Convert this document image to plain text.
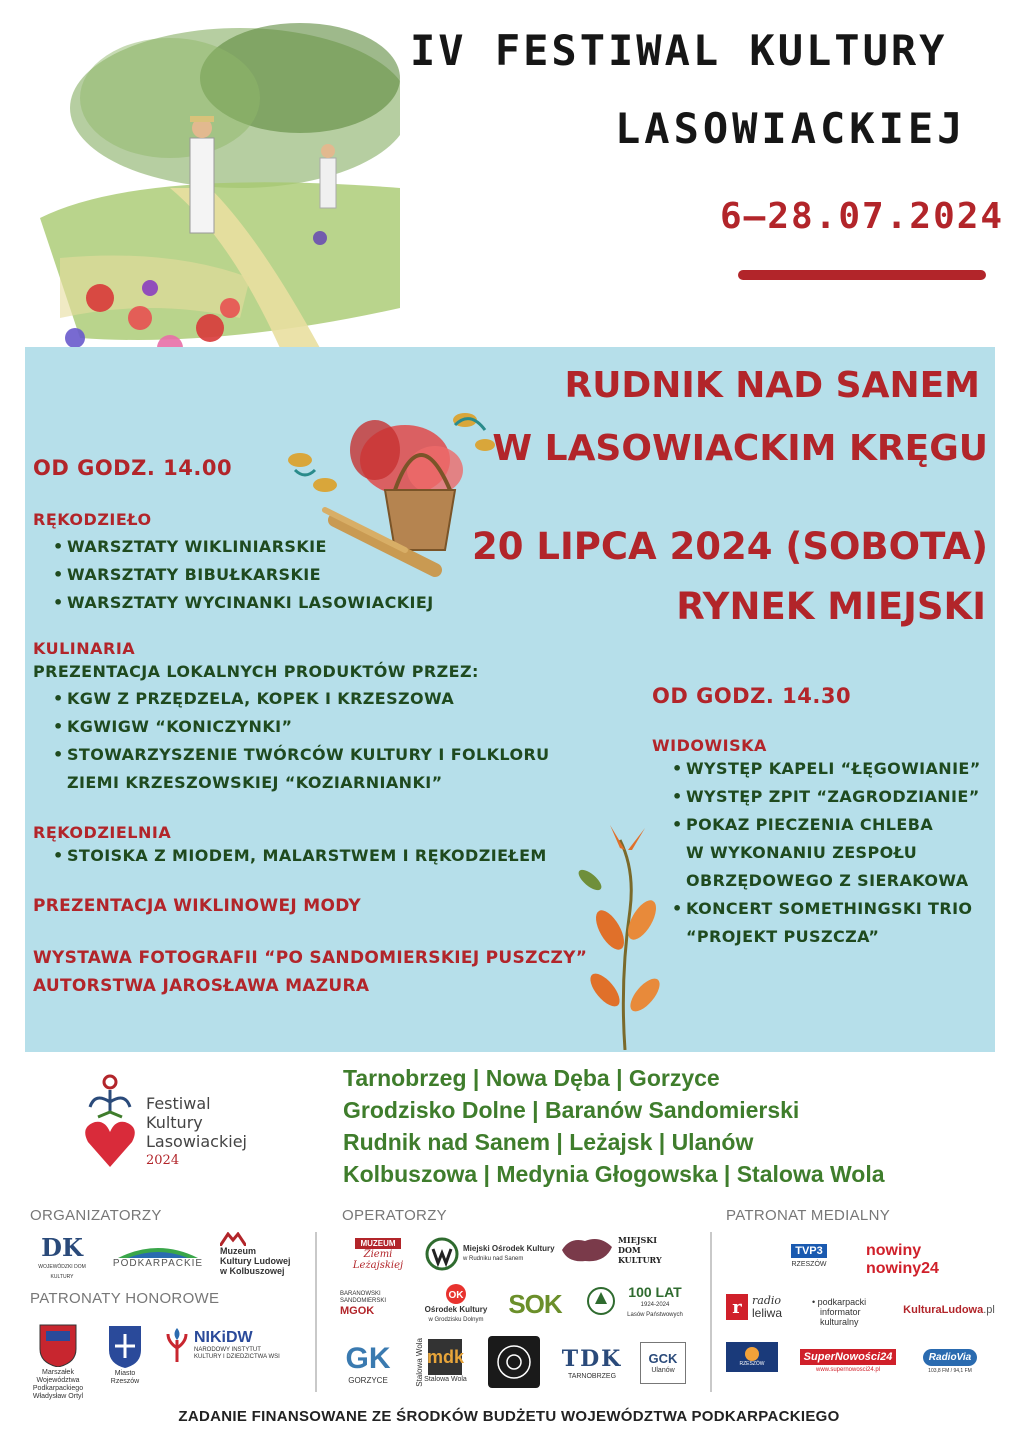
IV FESTIWAL KULTURY
LASOWIACKIEJ
6–28.07.2024
RUDNIK NAD SANEM
W LASOWIACKIM KRĘGU
20 LIPCA 2024 (SOBOTA)
RYNEK MIEJSKI
OD GODZ. 14.00
RĘKODZIEŁO
• WARSZTATY WIKLINIARSKIE
• WARSZTATY BIBUŁKARSKIE
• WARSZTATY WYCINANKI LASOWIACKIEJ
KULINARIA
PREZENTACJA LOKALNYCH PRODUKTÓW PRZEZ:
• KGW Z PRZĘDZELA, KOPEK I KRZESZOWA
• KGWIGW “KONICZYNKI”
• STOWARZYSZENIE TWÓRCÓW KULTURY I FOLKLORU
ZIEMI KRZESZOWSKIEJ “KOZIARNIANKI”
RĘKODZIELNIA
• STOISKA Z MIODEM, MALARSTWEM I RĘKODZIEŁEM
PREZENTACJA WIKLINOWEJ MODY
WYSTAWA FOTOGRAFII “PO SANDOMIERSKIEJ PUSZCZY”
AUTORSTWA JAROSŁAWA MAZURA
OD GODZ. 14.30
WIDOWISKA
• WYSTĘP KAPELI “ŁĘGOWIANIE”
• WYSTĘP ZPIT “ZAGRODZIANIE”
• POKAZ PIECZENIA CHLEBA
W WYKONANIU ZESPOŁU
OBRZĘDOWEGO Z SIERAKOWA
• KONCERT SOMETHINGSKI TRIO
“PROJEKT PUSZCZA”
Festiwal
Kultury
Lasowiackiej
2024
Tarnobrzeg | Nowa Dęba | Gorzyce
Grodzisko Dolne | Baranów Sandomierski
Rudnik nad Sanem | Leżajsk | Ulanów
Kolbuszowa | Medynia Głogowska | Stalowa Wola
ORGANIZATORZY	OPERATORZY	PATRONAT MEDIALNY
PATRONATY HONOROWE
DK
WOJEWÓDZKI DOM KULTURY
PODKARPACKIE
Muzeum
Kultury Ludowej
w Kolbuszowej
Marszałek Województwa Podkarpackiego Władysław Ortyl
Miasto Rzeszów
NIKiDW
NARODOWY INSTYTUT KULTURY I DZIEDZICTWA WSI
MUZEUM
Ziemi Leżajskiej
Miejski Ośrodek Kultury
w Rudniku nad Sanem
MIEJSKI
DOM
KULTURY
BARANOWSKI
SANDOMIERSKI
MGOK
OK
Ośrodek Kultury
w Grodzisku Dolnym
SOK	100 LAT
1924-2024
Lasów Państwowych
GK
GORZYCE	Stalowa Wola mdk
Stalowa Wola
TDK
TARNOBRZEG
GCK
Ulanów
TVP3
RZESZÓW
nowiny
nowiny24
r radio
leliwa
• podkarpacki
informator
kulturalny
KulturaLudowa .pl
RZESZÓW
SuperNowości24
www.supernowosci24.pl
RadioVia
103,8 FM / 94,1 FM
ZADANIE FINANSOWANE ZE ŚRODKÓW BUDŻETU WOJEWÓDZTWA PODKARPACKIEGO
